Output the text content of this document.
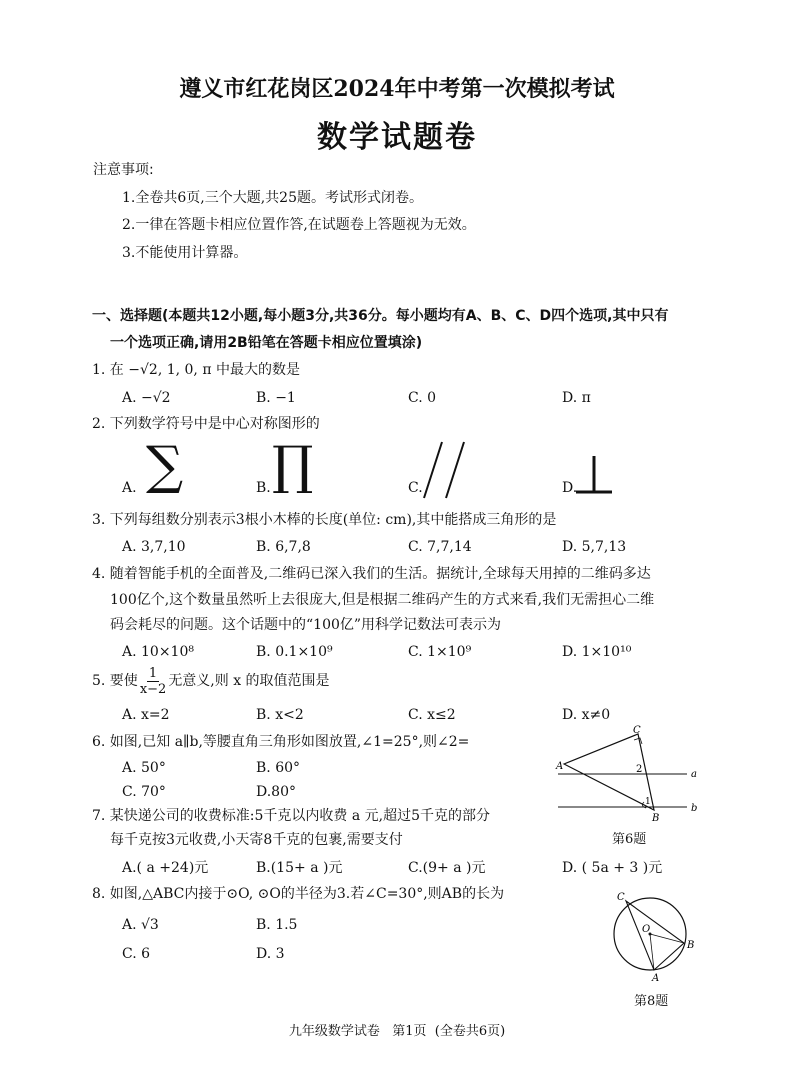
遵义市红花岗区2024年中考第一次模拟考试
数学试题卷
注意事项:
1.全卷共6页,三个大题,共25题。考试形式闭卷。
2.一律在答题卡相应位置作答,在试题卷上答题视为无效。
3.不能使用计算器。
一、选择题(本题共12小题,每小题3分,共36分。每小题均有A、B、C、D四个选项,其中只有
一个选项正确,请用2B铅笔在答题卡相应位置填涂)
1. 在 −√2, 1, 0, π 中最大的数是
A. −√2	B. −1	C. 0	D. π
2. 下列数学符号中是中心对称图形的
A. ∑	B. ∏	C.	D.
3. 下列每组数分别表示3根小木棒的长度(单位: cm),其中能搭成三角形的是
A. 3,7,10	B. 6,7,8	C. 7,7,14	D. 5,7,13
4. 随着智能手机的全面普及,二维码已深入我们的生活。据统计,全球每天用掉的二维码多达
100亿个,这个数量虽然听上去很庞大,但是根据二维码产生的方式来看,我们无需担心二维
码会耗尽的问题。这个话题中的“100亿”用科学记数法可表示为
A. 10×10⁸	B. 0.1×10⁹	C. 1×10⁹	D. 1×10¹⁰
5. 要使 $\frac{1}{x-2}$ 无意义,则 x 的取值范围是
A. x=2	B. x<2	C. x≤2	D. x≠0
6. 如图,已知 a∥b,等腰直角三角形如图放置,∠1=25°,则∠2=
A. 50°	B. 60°
C. 70°	D.80°
C
A
B
a
b
2
1
第6题
7. 某快递公司的收费标准:5千克以内收费 a 元,超过5千克的部分
每千克按3元收费,小天寄8千克的包裹,需要支付
A.( a +24)元	B.(15+ a )元	C.(9+ a )元	D. ( 5a + 3 )元
8. 如图,△ABC内接于⊙O, ⊙O的半径为3.若∠C=30°,则AB的长为
A. √3	B. 1.5
C. 6	D. 3
C
O
B
A
第8题
九年级数学试卷   第1页  (全卷共6页)
